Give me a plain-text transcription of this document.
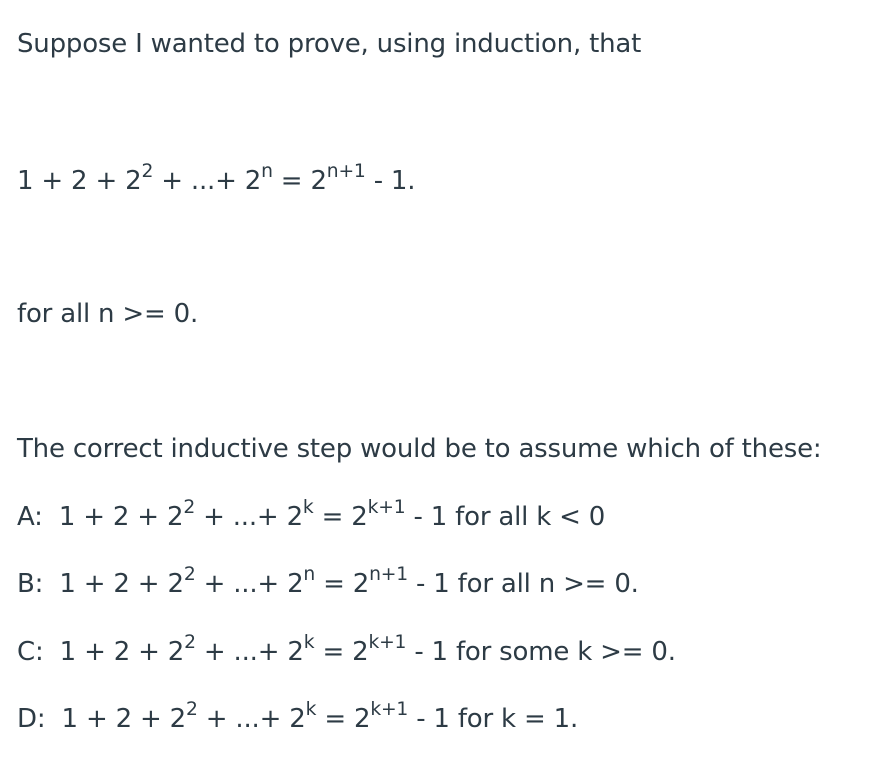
Suppose I wanted to prove, using induction, that
$1 + 2 + 2^2$ + ...+ $2^n = 2^{n+1} - 1$.
for all n >= 0.
The correct inductive step would be to assume which of these:
A: $1 + 2 + 2^2$ + ...+ $2^k = 2^{k+1} - 1$ for all k < 0
B: $1 + 2 + 2^2$ + ...+ $2^n = 2^{n+1} - 1$ for all n >= 0.
C: $1 + 2 + 2^2$ + ...+ $2^k = 2^{k+1} - 1$ for some k >= 0.
D: $1 + 2 + 2^2$ + ...+ $2^k = 2^{k+1} - 1$ for k = 1.
